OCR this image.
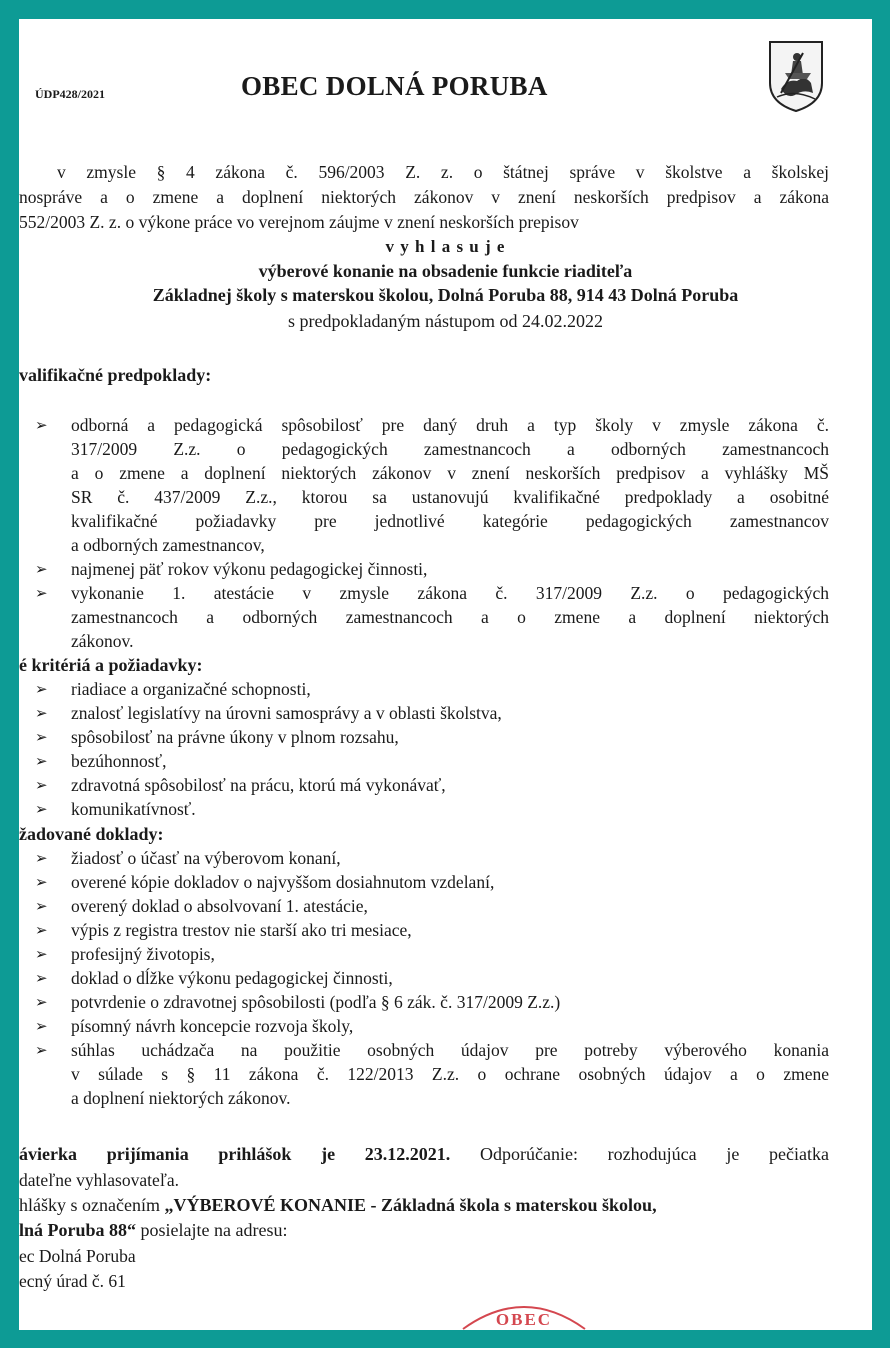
ÚDP428/2021	OBEC DOLNÁ PORUBA
v zmysle § 4 zákona č. 596/2003 Z. z. o štátnej správe v školstve a školskej
nosprávе a o zmene a doplnení niektorých zákonov v znení neskorších predpisov a zákona
552/2003 Z. z. o výkone práce vo verejnom záujme v znení neskorších prepisov
v y h l a s u j e
výberové konanie na obsadenie funkcie riaditeľa
Základnej školy s materskou školou, Dolná Poruba 88, 914 43 Dolná Poruba
s predpokladaným nástupom od 24.02.2022
valifikačné predpoklady:
➢	odborná a pedagogická spôsobilosť pre daný druh a typ školy v zmysle zákona č.
317/2009 Z.z. o pedagogických zamestnancoch a odborných zamestnancoch
a o zmene a doplnení niektorých zákonov v znení neskorších predpisov a vyhlášky MŠ
SR č. 437/2009 Z.z., ktorou sa ustanovujú kvalifikačné predpoklady a osobitné
kvalifikačné požiadavky pre jednotlivé kategórie pedagogických zamestnancov
a odborných zamestnancov,
➢	najmenej päť rokov výkonu pedagogickej činnosti,
➢	vykonanie 1. atestácie v zmysle zákona č. 317/2009 Z.z. o pedagogických
zamestnancoch a odborných zamestnancoch a o zmene a doplnení niektorých
zákonov.
é kritériá a požiadavky:
➢	riadiace a organizačné schopnosti,
➢	znalosť legislatívy na úrovni samosprávy a v oblasti školstva,
➢	spôsobilosť na právne úkony v plnom rozsahu,
➢	bezúhonnosť,
➢	zdravotná spôsobilosť na prácu, ktorú má vykonávať,
➢	komunikatívnosť.
žadované doklady:
➢	žiadosť o účasť na výberovom konaní,
➢	overené kópie dokladov o najvyššom dosiahnutom vzdelaní,
➢	overený doklad o absolvovaní 1. atestácie,
➢	výpis z registra trestov nie starší ako tri mesiace,
➢	profesijný životopis,
➢	doklad o dĺžke výkonu pedagogickej činnosti,
➢	potvrdenie o zdravotnej spôsobilosti (podľa § 6 zák. č. 317/2009 Z.z.)
➢	písomný návrh koncepcie rozvoja školy,
➢	súhlas uchádzača na použitie osobných údajov pre potreby výberového konania
v súlade s § 11 zákona č. 122/2013 Z.z. o ochrane osobných údajov a o zmene
a doplnení niektorých zákonov.
ávierka prijímania prihlášok je 23.12.2021. Odporúčanie: rozhodujúca je pečiatka
dateľne vyhlasovateľa.
hlášky s označením „VÝBEROVÉ KONANIE - Základná škola s materskou školou,
lná Poruba 88“ posielajte na adresu:
ec Dolná Poruba
ecný úrad č. 61
OBEC
